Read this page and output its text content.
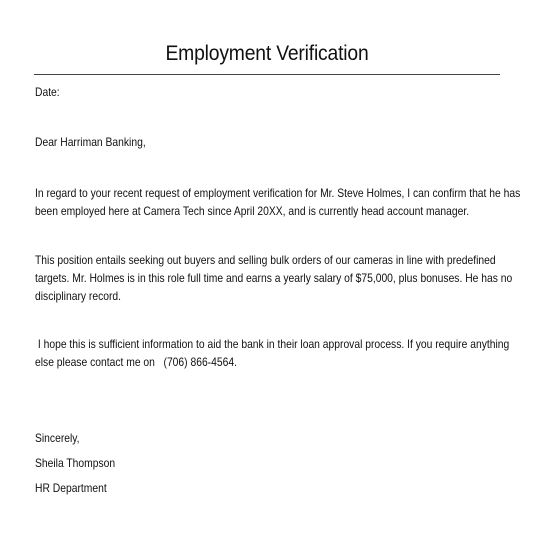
Employment Verification
Date:
Dear Harriman Banking,
In regard to your recent request of employment verification for Mr. Steve Holmes, I can confirm that he has
been employed here at Camera Tech since April 20XX, and is currently head account manager.
This position entails seeking out buyers and selling bulk orders of our cameras in line with predefined
targets. Mr. Holmes is in this role full time and earns a yearly salary of $75,000, plus bonuses. He has no
disciplinary record.
I hope this is sufficient information to aid the bank in their loan approval process. If you require anything
else please contact me on   (706) 866-4564.
Sincerely,
Sheila Thompson
HR Department
